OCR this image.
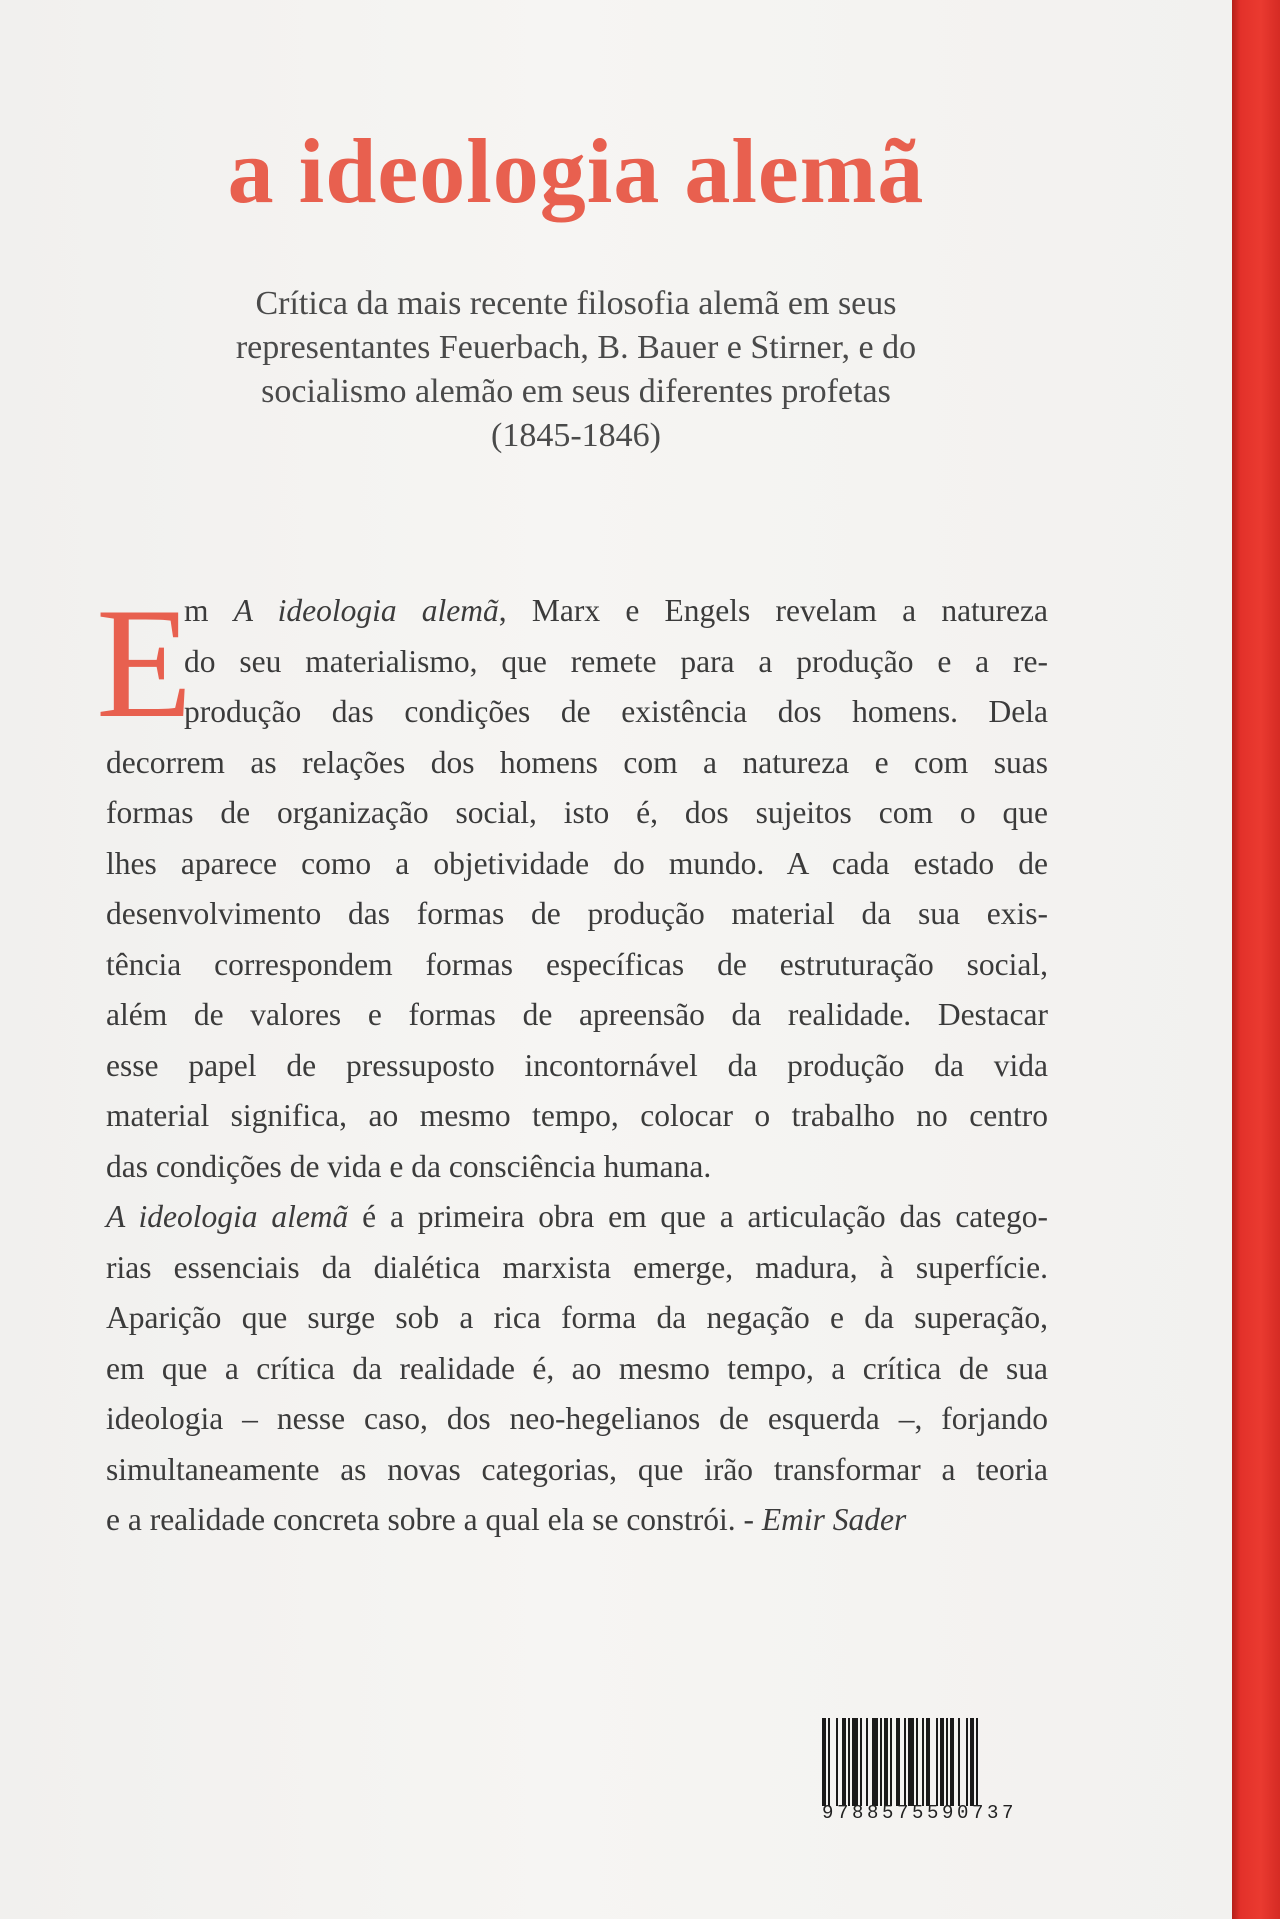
a ideologia alemã
Crítica da mais recente filosofia alemã em seus
representantes Feuerbach, B. Bauer e Stirner, e do
socialismo alemão em seus diferentes profetas
(1845-1846)
E
m A ideologia alemã, Marx e Engels revelam a natureza
do seu materialismo, que remete para a produção e a re-
produção das condições de existência dos homens. Dela
decorrem as relações dos homens com a natureza e com suas
formas de organização social, isto é, dos sujeitos com o que
lhes aparece como a objetividade do mundo. A cada estado de
desenvolvimento das formas de produção material da sua exis-
tência correspondem formas específicas de estruturação social,
além de valores e formas de apreensão da realidade. Destacar
esse papel de pressuposto incontornável da produção da vida
material significa, ao mesmo tempo, colocar o trabalho no centro
das condições de vida e da consciência humana.
A ideologia alemã é a primeira obra em que a articulação das catego-
rias essenciais da dialética marxista emerge, madura, à superfície.
Aparição que surge sob a rica forma da negação e da superação,
em que a crítica da realidade é, ao mesmo tempo, a crítica de sua
ideologia – nesse caso, dos neo-hegelianos de esquerda –, forjando
simultaneamente as novas categorias, que irão transformar a teoria
e a realidade concreta sobre a qual ela se constrói. - Emir Sader
9788575590737
